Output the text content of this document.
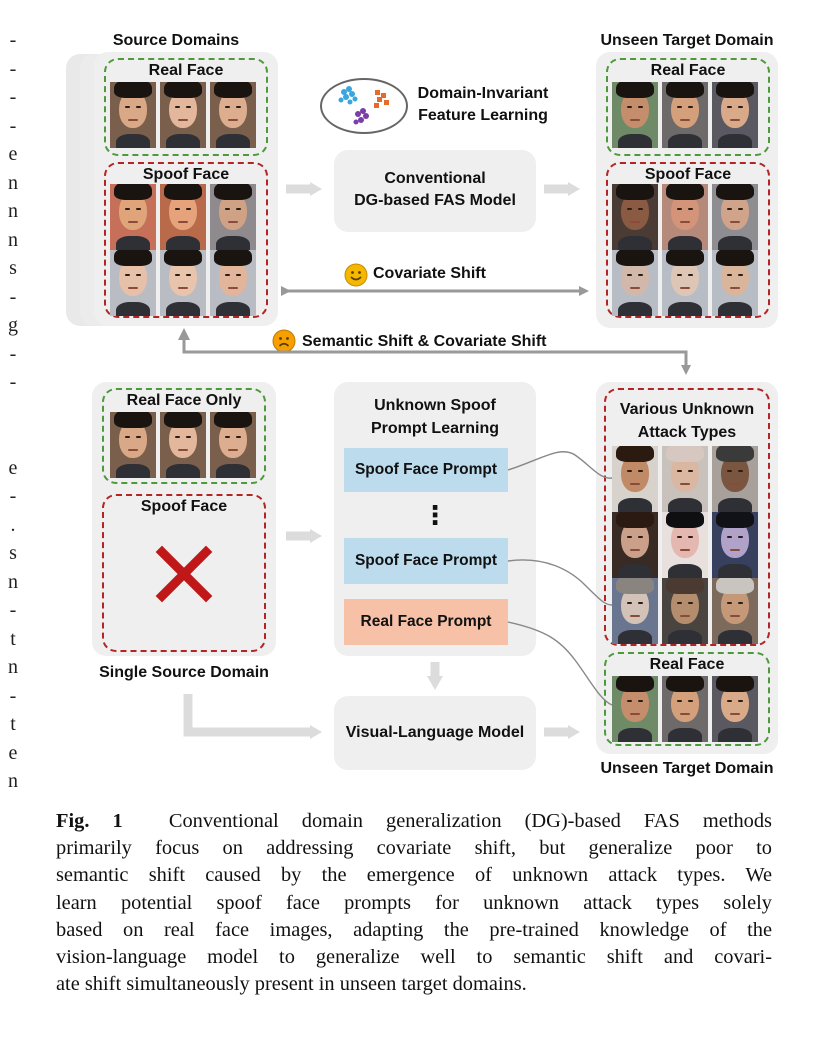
-
-
-
-
e
n
n
n
s
-
g
-
-
e
-
.
s
n
-
t
n
-
t
e
n
Source Domains
Real Face
Spoof Face
Domain-Invariant
Feature Learning
Conventional
DG-based FAS Model
Unseen Target Domain
Real Face
Spoof Face
Covariate Shift
Semantic Shift & Covariate Shift
Real Face Only
Spoof Face
Single Source Domain
Unknown Spoof
Prompt Learning
Spoof Face Prompt
⋮
Spoof Face Prompt
Real Face Prompt
Visual-Language Model
Various Unknown
Attack Types
Real Face
Unseen Target Domain
Fig. 1 Conventional domain generalization (DG)-based FAS methods
primarily focus on addressing covariate shift, but generalize poor to
semantic shift caused by the emergence of unknown attack types. We
learn potential spoof face prompts for unknown attack types solely
based on real face images, adapting the pre-trained knowledge of the
vision-language model to generalize well to semantic shift and covari-
ate shift simultaneously present in unseen target domains.
